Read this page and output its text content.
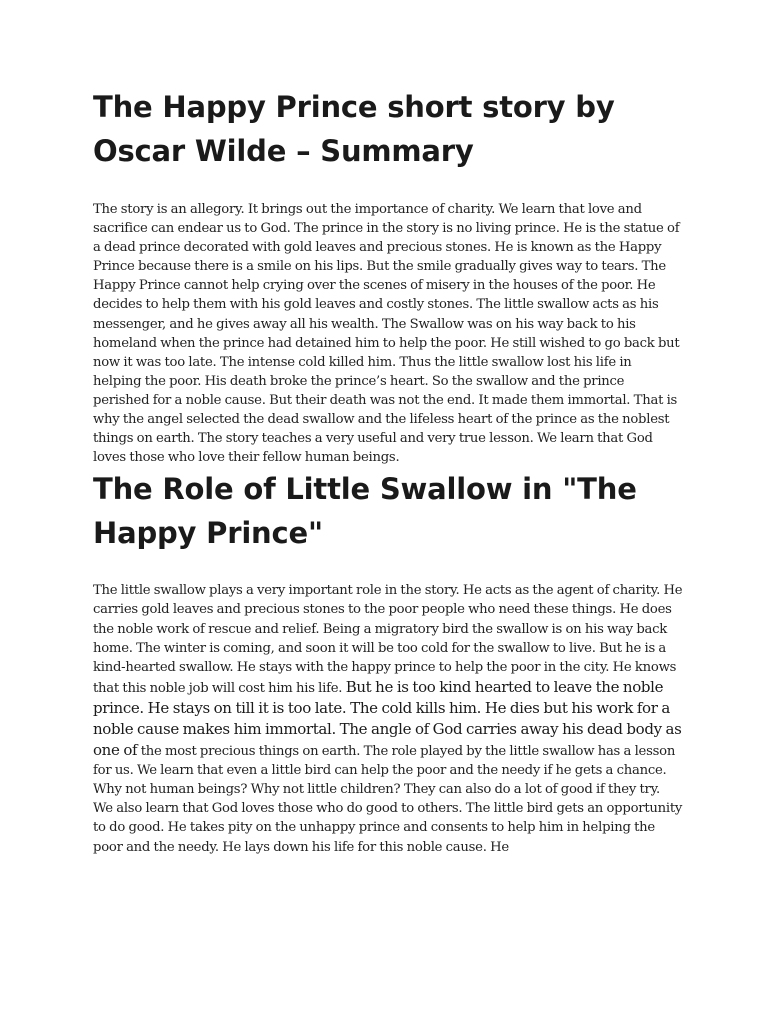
The Happy Prince short story by Oscar Wilde – Summary

The story is an allegory. It brings out the importance of charity. We learn that love and sacrifice can endear us to God. The prince in the story is no living prince. He is the statue of a dead prince decorated with gold leaves and precious stones. He is known as the Happy Prince because there is a smile on his lips. But the smile gradually gives way to tears. The Happy Prince cannot help crying over the scenes of misery in the houses of the poor. He decides to help them with his gold leaves and costly stones. The little swallow acts as his messenger, and he gives away all his wealth. The Swallow was on his way back to his homeland when the prince had detained him to help the poor. He still wished to go back but now it was too late. The intense cold killed him. Thus the little swallow lost his life in helping the poor. His death broke the prince’s heart. So the swallow and the prince perished for a noble cause. But their death was not the end. It made them immortal. That is why the angel selected the dead swallow and the lifeless heart of the prince as the noblest things on earth. The story teaches a very useful and very true lesson. We learn that God loves those who love their fellow human beings.

The Role of Little Swallow in "The Happy Prince"

The little swallow plays a very important role in the story. He acts as the agent of charity. He carries gold leaves and precious stones to the poor people who need these things. He does the noble work of rescue and relief. Being a migratory bird the swallow is on his way back home. The winter is coming, and soon it will be too cold for the swallow to live. But he is a kind-hearted swallow. He stays with the happy prince to help the poor in the city. He knows that this noble job will cost him his life. But he is too kind hearted to leave the noble prince. He stays on till it is too late. The cold kills him. He dies but his work for a noble cause makes him immortal. The angle of God carries away his dead body as one of the most precious things on earth. The role played by the little swallow has a lesson for us. We learn that even a little bird can help the poor and the needy if he gets a chance. Why not human beings? Why not little children? They can also do a lot of good if they try. We also learn that God loves those who do good to others. The little bird gets an opportunity to do good. He takes pity on the unhappy prince and consents to help him in helping the poor and the needy. He lays down his life for this noble cause. He
